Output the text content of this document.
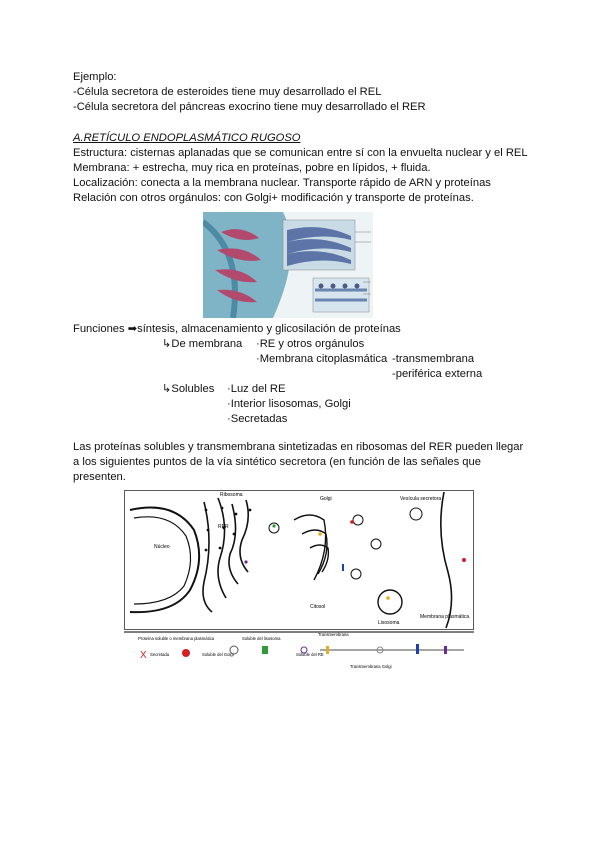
Ejemplo:
-Célula secretora de esteroides tiene muy desarrollado el REL
-Célula secretora del páncreas exocrino tiene muy desarrollado el RER
A.RETÍCULO ENDOPLASMÁTICO RUGOSO
Estructura: cisternas aplanadas que se comunican entre sí con la envuelta nuclear y el REL
Membrana: + estrecha, muy rica en proteínas, pobre en lípidos, + fluida.
Localización: conecta a la membrana nuclear. Transporte rápido de ARN y proteínas
Relación con otros orgánulos: con Golgi+ modificación y transporte de proteínas.
Funciones ➡síntesis, almacenamiento y glicosilación de proteínas
↳De membrana ·RE y otros orgánulos
·Membrana citoplasmática -transmembrana
-periférica externa
↳Solubles ·Luz del RE
·Interior lisosomas, Golgi
·Secretadas
Las proteínas solubles y transmembrana sintetizadas en ribosomas del RER pueden llegar
a los siguientes puntos de la vía sintético secretora (en función de las señales que
presenten.
Núcleo
Ribosoma
Golgi	Vesícula secretora
RER
Citosol
Lisosoma
Membrana plasmática
Proteína soluble o membrana plasmática
Secretada	Soluble del Golgi
Soluble del lisosoma
Soluble del RE
Transmembrana
Transmembrana Golgi
X
